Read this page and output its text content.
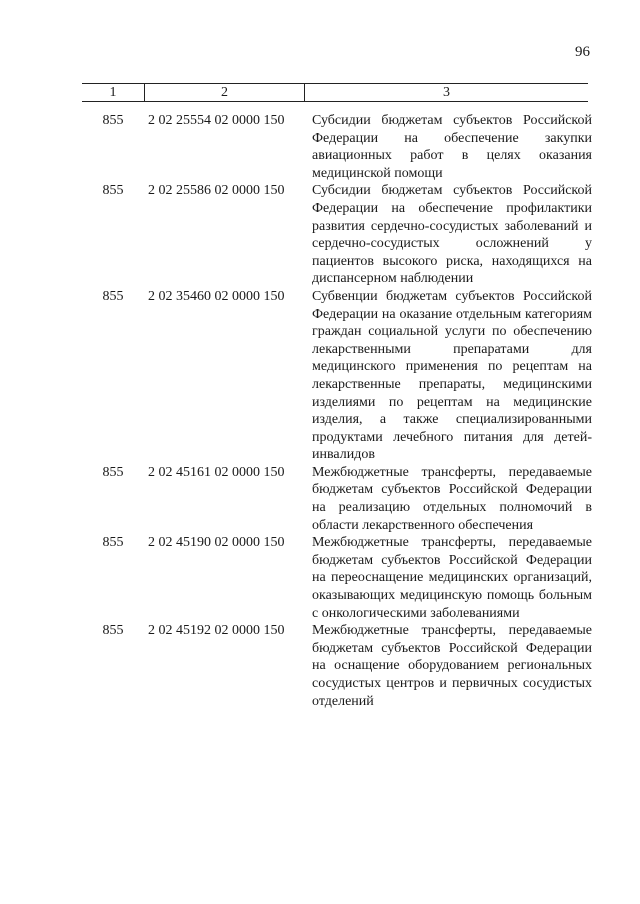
96
1	2	3
855	2 02 25554 02 0000 150	Субсидии бюджетам субъектов Российской Федерации на обеспечение закупки авиационных работ в целях оказания медицинской помощи
855	2 02 25586 02 0000 150	Субсидии бюджетам субъектов Российской Федерации на обеспечение профилактики развития сердечно-сосудистых заболеваний и сердечно-сосудистых осложнений у пациентов высокого риска, находящихся на диспансерном наблюдении
855	2 02 35460 02 0000 150	Субвенции бюджетам субъектов Российской Федерации на оказание отдельным категориям граждан социальной услуги по обеспечению лекарственными препаратами для медицинского применения по рецептам на лекарственные препараты, медицинскими изделиями по рецептам на медицинские изделия, а также специализированными продуктами лечебного питания для детей-инвалидов
855	2 02 45161 02 0000 150	Межбюджетные трансферты, передаваемые бюджетам субъектов Российской Федерации на реализацию отдельных полномочий в области лекарственного обеспечения
855	2 02 45190 02 0000 150	Межбюджетные трансферты, передаваемые бюджетам субъектов Российской Федерации на переоснащение медицинских организаций, оказывающих медицинскую помощь больным с онкологическими заболеваниями
855	2 02 45192 02 0000 150	Межбюджетные трансферты, передаваемые бюджетам субъектов Российской Федерации на оснащение оборудованием региональных сосудистых центров и первичных сосудистых отделений
